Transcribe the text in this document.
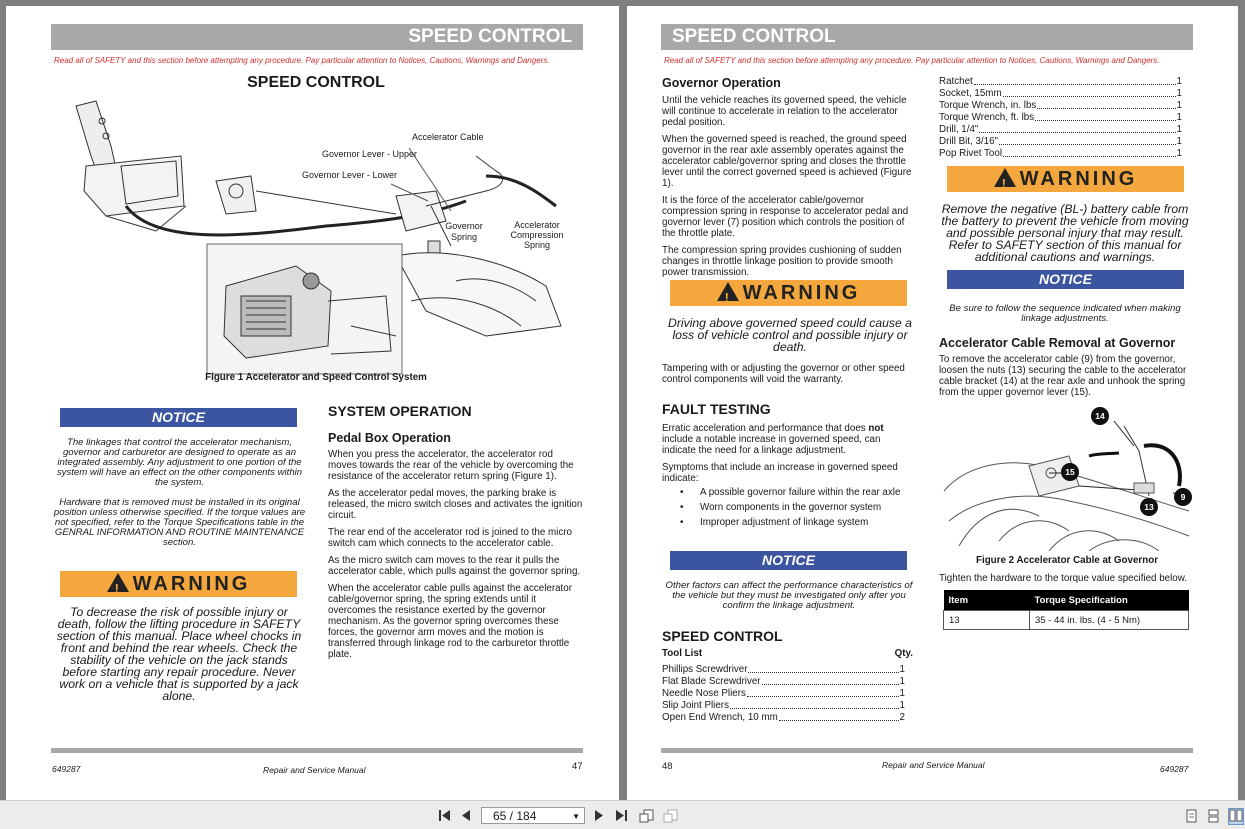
SPEED CONTROL
Read all of SAFETY and this section before attempting any procedure. Pay particular attention to Notices, Cautions, Warnings and Dangers.
SPEED CONTROL
Accelerator Cable
Governor Lever - Upper
Governor Lever - Lower
Governor
Spring
Accelerator
Compression
Spring
Figure 1 Accelerator and Speed Control System
NOTICE
The linkages that control the accelerator mechanism, governor and carburetor are designed to operate as an integrated assembly. Any adjustment to one portion of the system will have an effect on the other components within the system.
Hardware that is removed must be installed in its original position unless otherwise specified. If the torque values are not specified, refer to the Torque Specifications table in the GENRAL INFORMATION AND ROUTINE MAINTENANCE section.
!WARNING
To decrease the risk of possible injury or death, follow the lifting procedure in SAFETY section of this manual. Place wheel chocks in front and behind the rear wheels. Check the stability of the vehicle on the jack stands before starting any repair procedure. Never work on a vehicle that is supported by a jack alone.
SYSTEM OPERATION
Pedal Box Operation

When you press the accelerator, the accelerator rod moves towards the rear of the vehicle by overcoming the resistance of the accelerator return spring (Figure 1).

As the accelerator pedal moves, the parking brake is released, the micro switch closes and activates the ignition circuit.

The rear end of the accelerator rod is joined to the micro switch cam which connects to the accelerator cable.

As the micro switch cam moves to the rear it pulls the accelerator cable, which pulls against the governor spring.

When the accelerator cable pulls against the accelerator cable/governor spring, the spring extends until it overcomes the resistance exerted by the governor mechanism. As the governor spring overcomes these forces, the governor arm moves and the motion is transferred through linkage rod to the carburetor throttle plate.

649287	Repair and Service Manual	47
SPEED CONTROL
Read all of SAFETY and this section before attempting any procedure. Pay particular attention to Notices, Cautions, Warnings and Dangers.
Governor Operation

Until the vehicle reaches its governed speed, the vehicle will continue to accelerate in relation to the accelerator pedal position.

When the governed speed is reached, the ground speed governor in the rear axle assembly operates against the accelerator cable/governor spring and closes the throttle lever until the correct governed speed is achieved (Figure 1).

It is the force of the accelerator cable/governor compression spring in response to accelerator pedal and governor lever (7) position which controls the position of the throttle plate.

The compression spring provides cushioning of sudden changes in throttle linkage position to provide smooth power transmission.

!WARNING
Driving above governed speed could cause a loss of vehicle control and possible injury or death.
Tampering with or adjusting the governor or other speed control components will void the warranty.
FAULT TESTING

Erratic acceleration and performance that does not include a notable increase in governed speed, can indicate the need for a linkage adjustment.

Symptoms that include an increase in governed speed indicate:

• A possible governor failure within the rear axle
• Worn components in the governor system
• Improper adjustment of linkage system
NOTICE
Other factors can affect the performance characteristics of the vehicle but they must be investigated only after you confirm the linkage adjustment.
SPEED CONTROL
Tool List	Qty.
Phillips Screwdriver	1
Flat Blade Screwdriver	1
Needle Nose Pliers	1
Slip Joint Pliers	1
Open End Wrench, 10 mm	2
Ratchet	1
Socket, 15mm	1
Torque Wrench, in. lbs	1
Torque Wrench, ft. lbs	1
Drill, 1/4"	1
Drill Bit, 3/16"	1
Pop Rivet Tool	1
!WARNING
Remove the negative (BL-) battery cable from the battery to prevent the vehicle from moving and possible personal injury that may result. Refer to SAFETY section of this manual for additional cautions and warnings.
NOTICE
Be sure to follow the sequence indicated when making linkage adjustments.
Accelerator Cable Removal at Governor
To remove the accelerator cable (9) from the governor, loosen the nuts (13) securing the cable to the accelerator cable bracket (14) at the rear axle and unhook the spring from the upper governor lever (15).
14
15
13
9
Figure 2 Accelerator Cable at Governor
Tighten the hardware to the torque value specified below.
Item	Torque Specification
13	35 - 44 in. lbs. (4 - 5 Nm)
48	Repair and Service Manual	649287
65 / 184	▼
